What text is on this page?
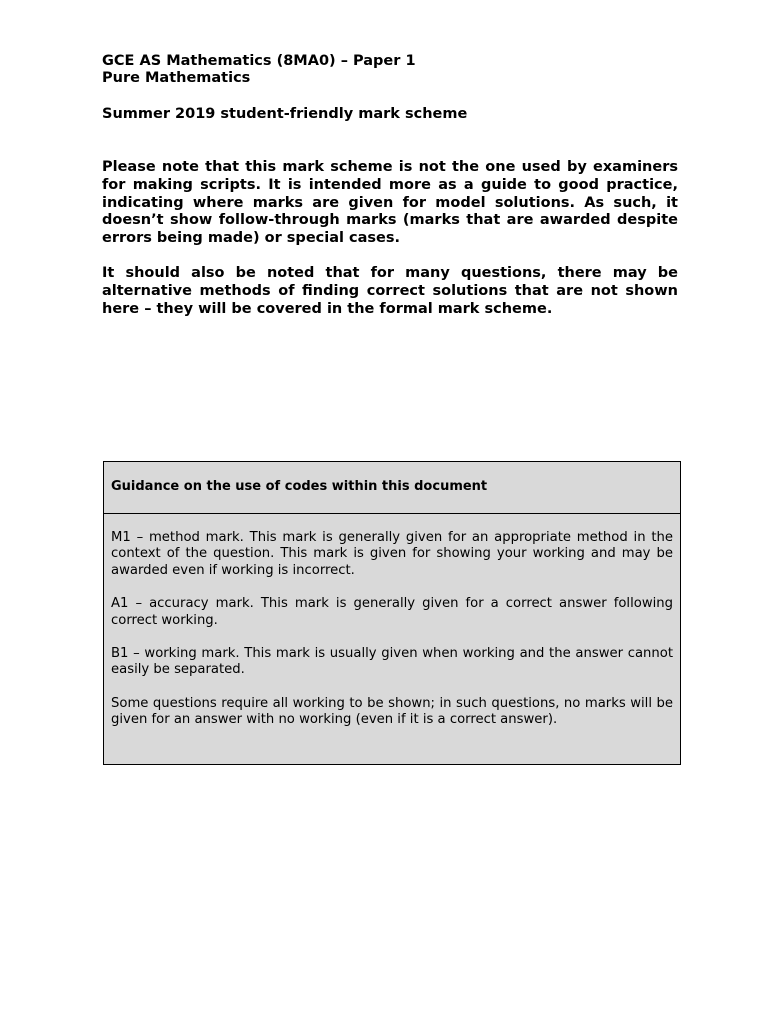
GCE AS Mathematics (8MA0) – Paper 1
Pure Mathematics
Summer 2019 student-friendly mark scheme

Please note that this mark scheme is not the one used by examiners for making scripts. It is intended more as a guide to good practice, indicating where marks are given for model solutions. As such, it doesn’t show follow-through marks (marks that are awarded despite errors being made) or special cases.

It should also be noted that for many questions, there may be alternative methods of finding correct solutions that are not shown here – they will be covered in the formal mark scheme.

Guidance on the use of codes within this document

M1 – method mark. This mark is generally given for an appropriate method in the context of the question. This mark is given for showing your working and may be awarded even if working is incorrect.

A1 – accuracy mark. This mark is generally given for a correct answer following correct working.

B1 – working mark. This mark is usually given when working and the answer cannot easily be separated.

Some questions require all working to be shown; in such questions, no marks will be given for an answer with no working (even if it is a correct answer).
